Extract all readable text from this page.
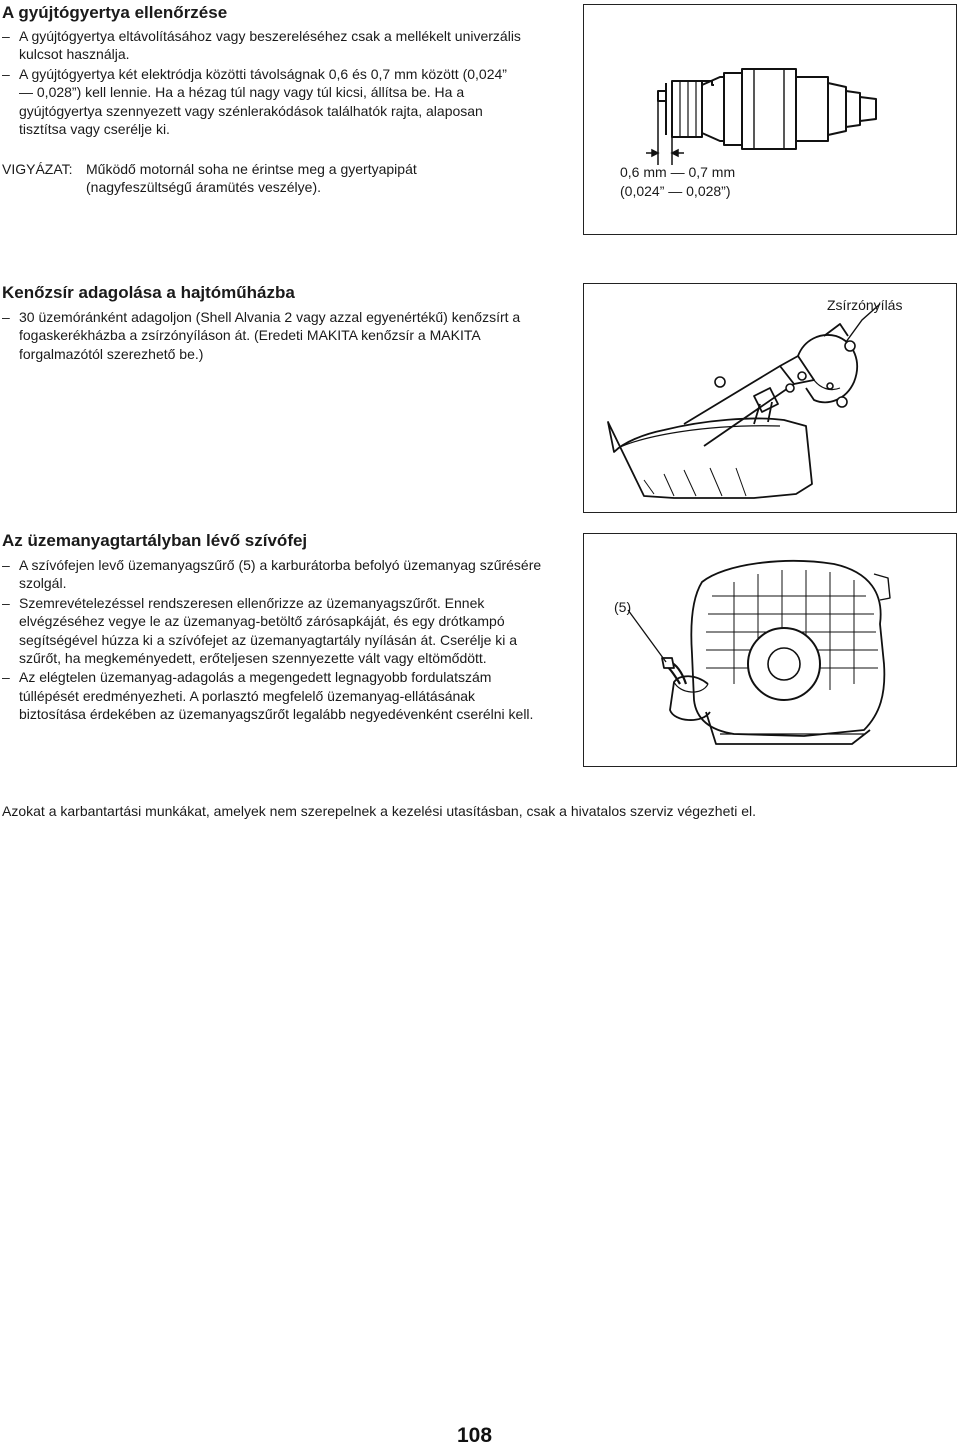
A gyújtógyertya ellenőrzése
– A gyújtógyertya eltávolításához vagy beszereléséhez csak a mellékelt univerzális kulcsot használja.
– A gyújtógyertya két elektródja közötti távolságnak 0,6 és 0,7 mm között (0,024” — 0,028”) kell lennie. Ha a hézag túl nagy vagy túl kicsi, állítsa be. Ha a gyújtógyertya szennyezett vagy szénlerakódások találhatók rajta, alaposan tisztítsa vagy cserélje ki.
VIGYÁZAT: Működő motornál soha ne érintse meg a gyertyapipát (nagyfeszültségű áramütés veszélye).
0,6 mm — 0,7 mm
(0,024” — 0,028”)
Kenőzsír adagolása a hajtóműházba
– 30 üzemóránként adagoljon (Shell Alvania 2 vagy azzal egyenértékű) kenőzsírt a fogaskerékházba a zsírzónyíláson át. (Eredeti MAKITA kenőzsír a MAKITA forgalmazótól szerezhető be.)
Zsírzónyílás
Az üzemanyagtartályban lévő szívófej
– A szívófejen levő üzemanyagszűrő (5) a karburátorba befolyó üzemanyag szűrésére szolgál.
– Szemrevételezéssel rendszeresen ellenőrizze az üzemanyagszűrőt. Ennek elvégzéséhez vegye le az üzemanyag-betöltő zárósapkáját, és egy drótkampó segítségével húzza ki a szívófejet az üzemanyagtartály nyílásán át. Cserélje ki a szűrőt, ha megkeményedett, erőteljesen szennyezette vált vagy eltömődött.
– Az elégtelen üzemanyag-adagolás a megengedett legnagyobb fordulatszám túllépését eredményezheti. A porlasztó megfelelő üzemanyag-ellátásának biztosítása érdekében az üzemanyagszűrőt legalább negyedévenként cserélni kell.
(5)
Azokat a karbantartási munkákat, amelyek nem szerepelnek a kezelési utasításban, csak a hivatalos szerviz végezheti el.
108
